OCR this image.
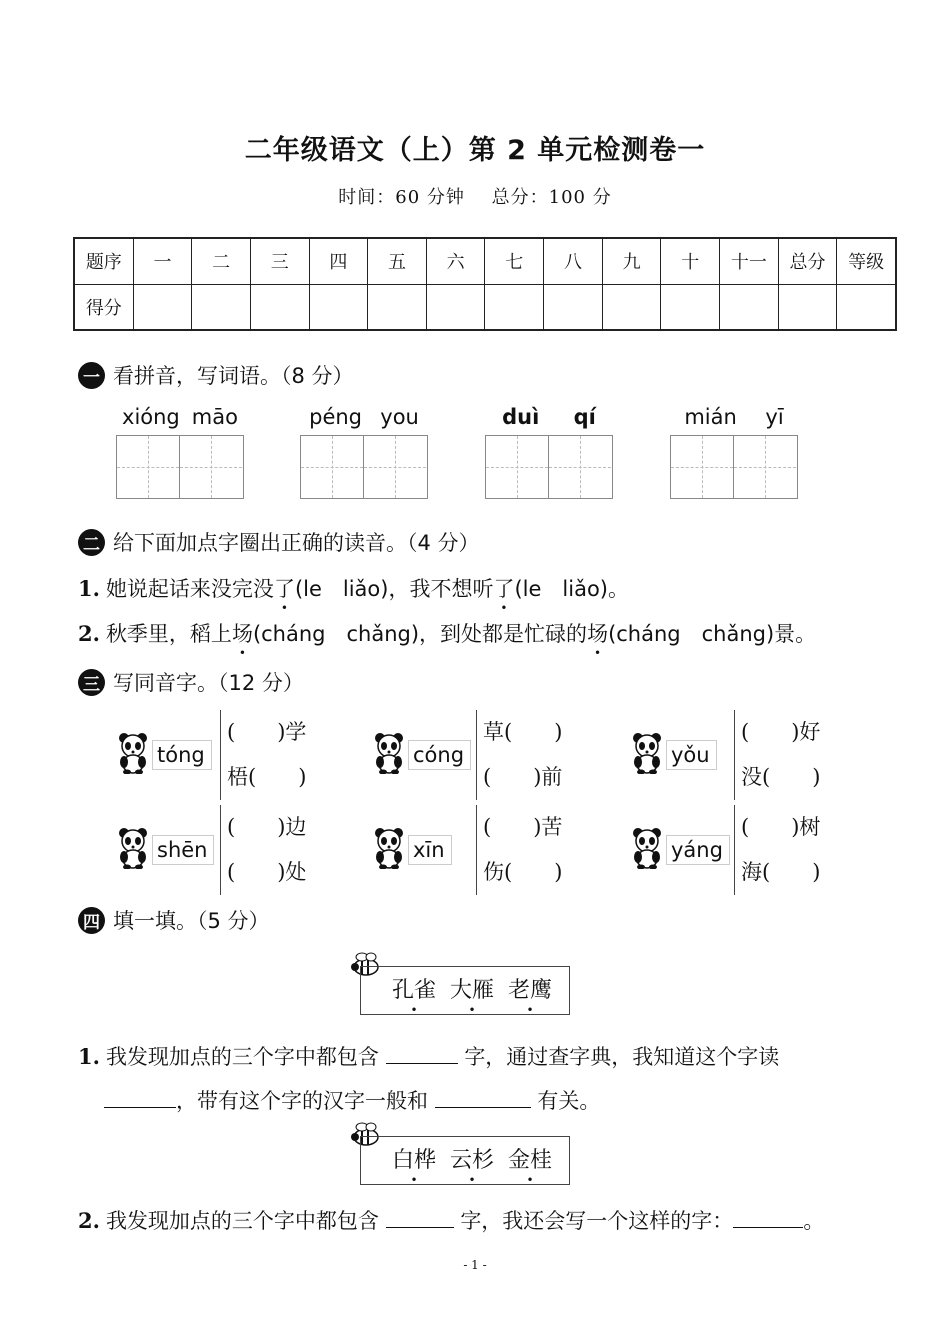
二年级语文（上）第 2 单元检测卷一
时间：60 分钟 总分：100 分
题序	一	二	三	四	五	六	七	八	九	十	十一	总分	等级
得分													
一 看拼音，写词语。（8 分）
xióng māo	péng you	duì qí	mián yī
二 给下面加点字圈出正确的读音。（4 分）
1. 她说起话来没完没了(le　liǎo)，我不想听了(le　liǎo)。
2. 秋季里，稻上场(cháng　chǎng)，到处都是忙碌的场(cháng　chǎng)景。
三 写同音字。（12 分）
tóng
(　　)学
梧(　　)
cóng
草(　　)
(　　)前
yǒu
(　　)好
没(　　)
shēn
(　　)边
(　　)处
xīn
(　　)苦
伤(　　)
yáng
(　　)树
海(　　)
四 填一填。（5 分）
孔雀 大雁 老鹰
1. 我发现加点的三个字中都包含	字，通过查字典，我知道这个字读
，带有这个字的汉字一般和	有关。
白桦 云杉 金桂
2. 我发现加点的三个字中都包含	字，我还会写一个这样的字：	。
- 1 -
